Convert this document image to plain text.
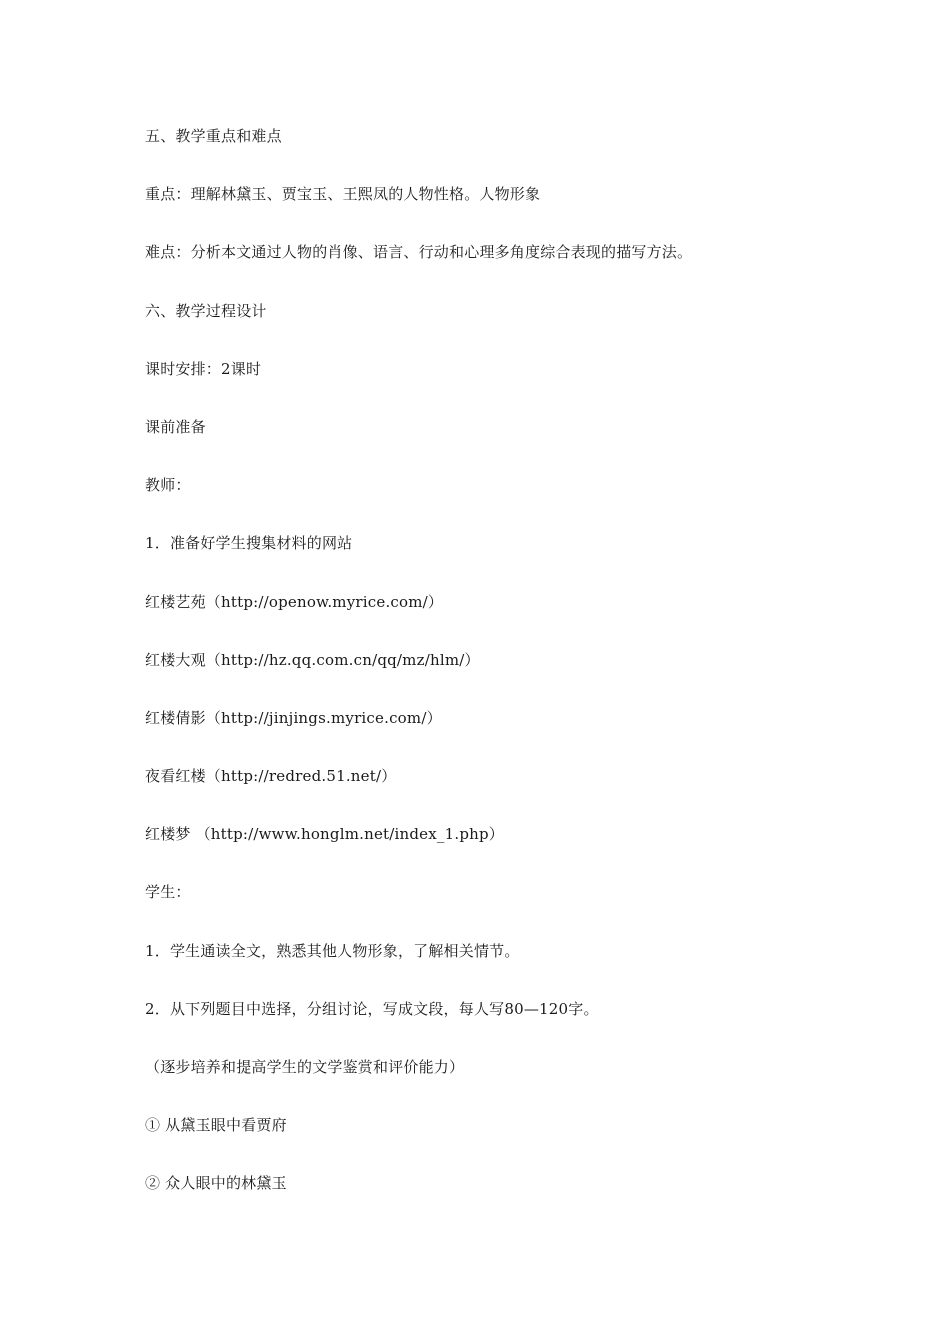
五、教学重点和难点
重点：理解林黛玉、贾宝玉、王熙凤的人物性格。人物形象
难点：分析本文通过人物的肖像、语言、行动和心理多角度综合表现的描写方法。
六、教学过程设计
课时安排：2课时
课前准备
教师：
1．准备好学生搜集材料的网站
红楼艺苑（http://openow.myrice.com/）
红楼大观（http://hz.qq.com.cn/qq/mz/hlm/）
红楼倩影（http://jinjings.myrice.com/）
夜看红楼（http://redred.51.net/）
红楼梦 （http://www.honglm.net/index_1.php）
学生：
1．学生通读全文，熟悉其他人物形象，了解相关情节。
2．从下列题目中选择，分组讨论，写成文段，每人写80—120字。
（逐步培养和提高学生的文学鉴赏和评价能力）
① 从黛玉眼中看贾府
② 众人眼中的林黛玉
